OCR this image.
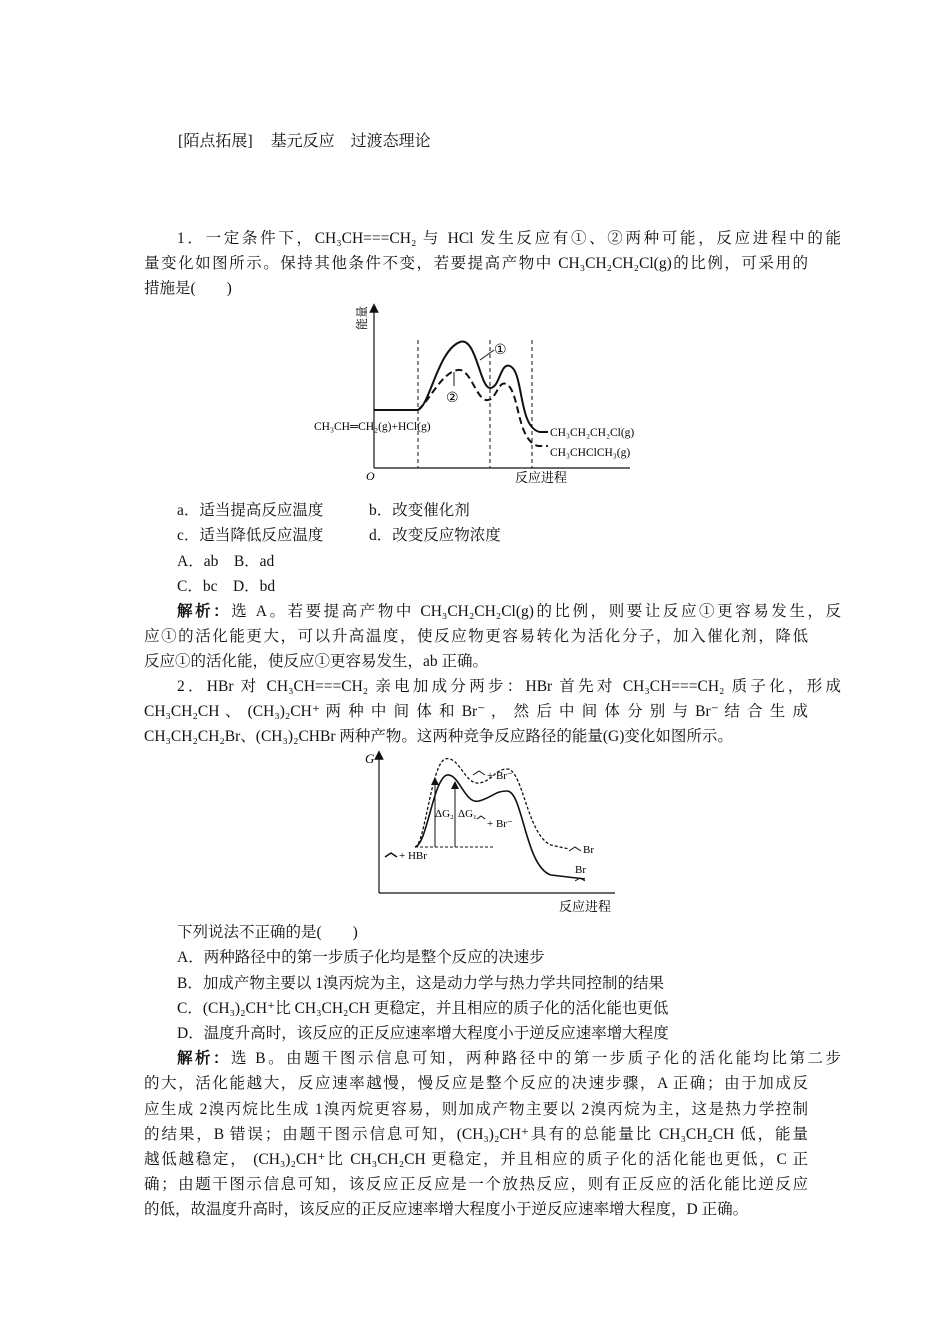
[陌点拓展] 基元反应　过渡态理论
1．一定条件下，CH₃CH===CH₂ 与 HCl 发生反应有①、②两种可能，反应进程中的能
量变化如图所示。保持其他条件不变，若要提高产物中 CH₃CH₂CH₂Cl(g)的比例，可采用的
措施是(　　)
能量
O	反应进程
①
②
CH₃CH═CH₂(g)+HCl(g)	CH₃CH₂CH₂Cl(g)
CH₃CHClCH₃(g)
a．适当提高反应温度	b．改变催化剂
c．适当降低反应温度	d．改变反应物浓度
A．ab　B．ad
C．bc　D．bd
解析：选 A。若要提高产物中 CH₃CH₂CH₂Cl(g)的比例，则要让反应①更容易发生，反
应①的活化能更大，可以升高温度，使反应物更容易转化为活化分子，加入催化剂，降低
反应①的活化能，使反应①更容易发生，ab 正确。
2．HBr 对 CH₃CH===CH₂ 亲电加成分两步：HBr 首先对 CH₃CH===CH₂ 质子化，形成
CH₃CH₂CH 、 (CH₃)₂CH⁺ 两 种 中 间 体 和 Br⁻ ， 然 后 中 间 体 分 别 与 Br⁻ 结 合 生 成
CH₃CH₂CH₂Br、(CH₃)₂CHBr 两种产物。这两种竞争反应路径的能量(G)变化如图所示。
G
反应进程
ΔG₂ ΔG₁
+ Br⁻
+ Br⁻
+ HBr	Br
Br
下列说法不正确的是(　　)
A．两种路径中的第一步质子化均是整个反应的决速步
B．加成产物主要以 1溴丙烷为主，这是动力学与热力学共同控制的结果
C．(CH₃)₂CH⁺比 CH₃CH₂CH 更稳定，并且相应的质子化的活化能也更低
D．温度升高时，该反应的正反应速率增大程度小于逆反应速率增大程度
解析：选 B。由题干图示信息可知，两种路径中的第一步质子化的活化能均比第二步
的大，活化能越大，反应速率越慢，慢反应是整个反应的决速步骤，A 正确；由于加成反
应生成 2溴丙烷比生成 1溴丙烷更容易，则加成产物主要以 2溴丙烷为主，这是热力学控制
的结果，B 错误；由题干图示信息可知，(CH₃)₂CH⁺具有的总能量比 CH₃CH₂CH 低，能量
越低越稳定， (CH₃)₂CH⁺比 CH₃CH₂CH 更稳定，并且相应的质子化的活化能也更低，C 正
确；由题干图示信息可知，该反应正反应是一个放热反应，则有正反应的活化能比逆反应
的低，故温度升高时，该反应的正反应速率增大程度小于逆反应速率增大程度，D 正确。
